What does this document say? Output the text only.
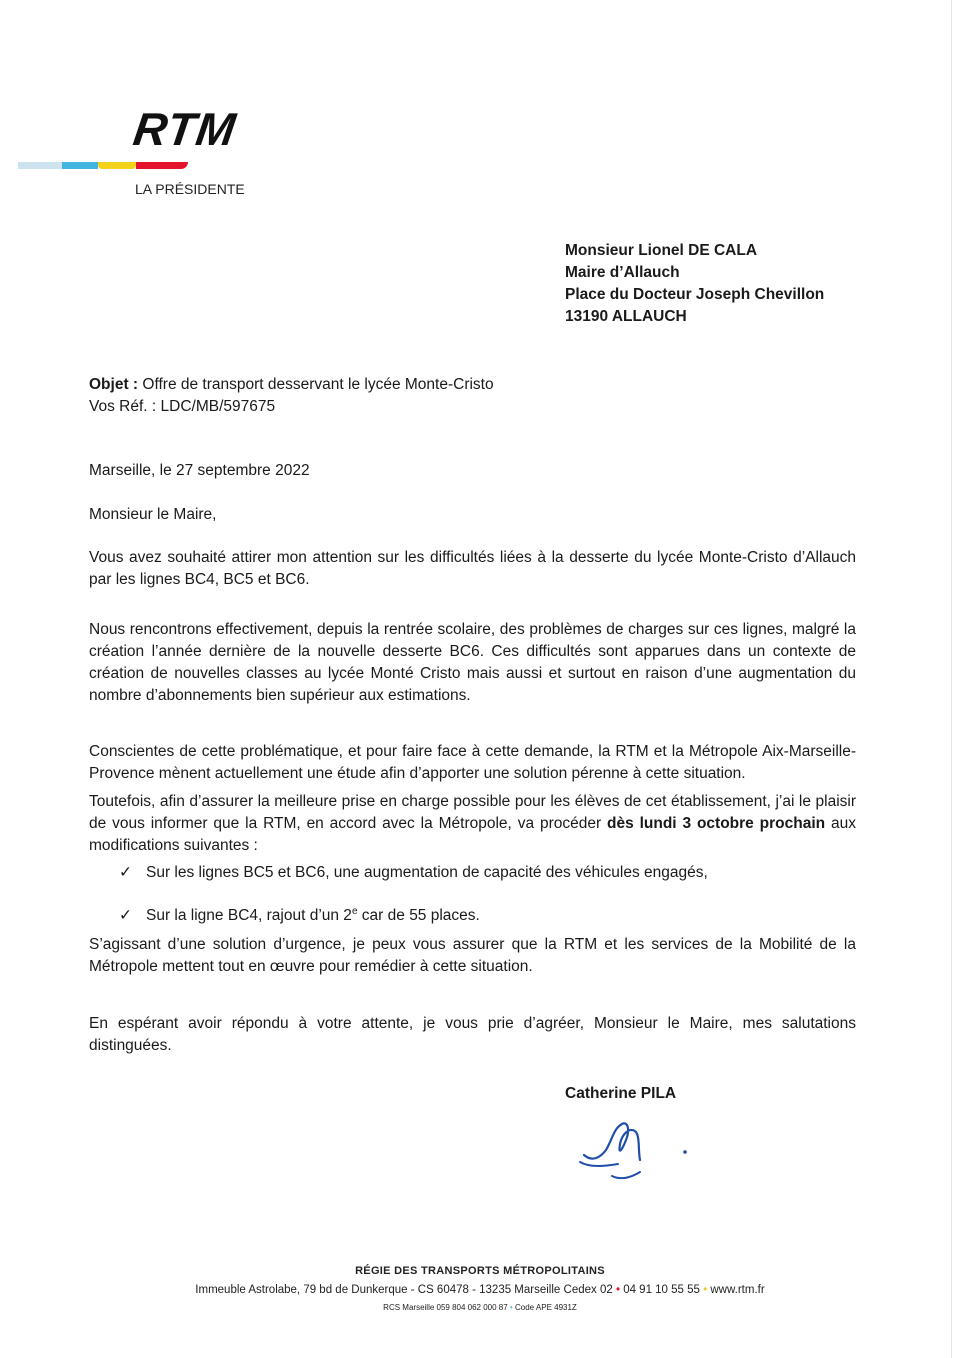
RTM
LA PRÉSIDENTE
Monsieur Lionel DE CALA
Maire d’Allauch
Place du Docteur Joseph Chevillon
13190 ALLAUCH
Objet : Offre de transport desservant le lycée Monte-Cristo
Vos Réf. : LDC/MB/597675

Marseille, le 27 septembre 2022

Monsieur le Maire,

Vous avez souhaité attirer mon attention sur les difficultés liées à la desserte du lycée Monte-Cristo d’Allauch par les lignes BC4, BC5 et BC6.

Nous rencontrons effectivement, depuis la rentrée scolaire, des problèmes de charges sur ces lignes, malgré la création l’année dernière de la nouvelle desserte BC6. Ces difficultés sont apparues dans un contexte de création de nouvelles classes au lycée Monté Cristo mais aussi et surtout en raison d’une augmentation du nombre d’abonnements bien supérieur aux estimations.

Conscientes de cette problématique, et pour faire face à cette demande, la RTM et la Métropole Aix-Marseille-Provence mènent actuellement une étude afin d’apporter une solution pérenne à cette situation.

Toutefois, afin d’assurer la meilleure prise en charge possible pour les élèves de cet établissement, j’ai le plaisir de vous informer que la RTM, en accord avec la Métropole, va procéder dès lundi 3 octobre prochain aux modifications suivantes :

✓ Sur les lignes BC5 et BC6, une augmentation de capacité des véhicules engagés,
✓ Sur la ligne BC4, rajout d’un 2e car de 55 places.

S’agissant d’une solution d’urgence, je peux vous assurer que la RTM et les services de la Mobilité de la Métropole mettent tout en œuvre pour remédier à cette situation.

En espérant avoir répondu à votre attente, je vous prie d’agréer, Monsieur le Maire, mes salutations distinguées.

Catherine PILA
RÉGIE DES TRANSPORTS MÉTROPOLITAINS
Immeuble Astrolabe, 79 bd de Dunkerque - CS 60478 - 13235 Marseille Cedex 02 • 04 91 10 55 55 • www.rtm.fr
RCS Marseille 059 804 062 000 87 • Code APE 4931Z
